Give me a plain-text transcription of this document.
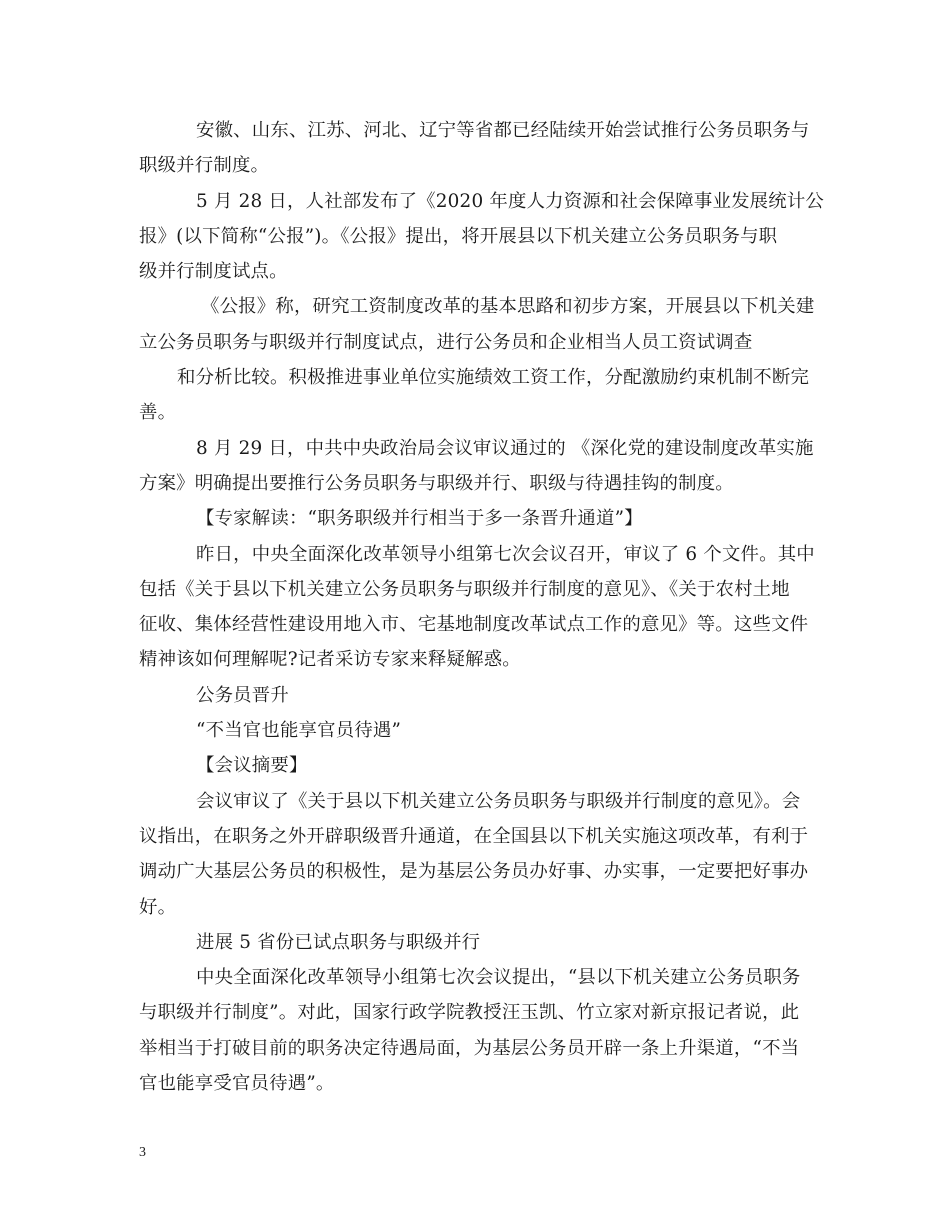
安徽、山东、江苏、河北、辽宁等省都已经陆续开始尝试推行公务员职务与
职级并行制度。

5 月 28 日，人社部发布了《2020 年度人力资源和社会保障事业发展统计公
报》(以下简称“公报”)。《公报》提出，将开展县以下机关建立公务员职务与职
级并行制度试点。

《公报》称，研究工资制度改革的基本思路和初步方案，开展县以下机关建
立公务员职务与职级并行制度试点，进行公务员和企业相当人员工资试调查
和分析比较。积极推进事业单位实施绩效工资工作，分配激励约束机制不断完
善。

8 月 29 日，中共中央政治局会议审议通过的 《深化党的建设制度改革实施
方案》明确提出要推行公务员职务与职级并行、职级与待遇挂钩的制度。

【专家解读：“职务职级并行相当于多一条晋升通道”】

昨日，中央全面深化改革领导小组第七次会议召开，审议了 6 个文件。其中
包括《关于县以下机关建立公务员职务与职级并行制度的意见》、《关于农村土地
征收、集体经营性建设用地入市、宅基地制度改革试点工作的意见》等。这些文件
精神该如何理解呢?记者采访专家来释疑解惑。

公务员晋升

“不当官也能享官员待遇”

【会议摘要】

会议审议了《关于县以下机关建立公务员职务与职级并行制度的意见》。会
议指出，在职务之外开辟职级晋升通道，在全国县以下机关实施这项改革，有利于
调动广大基层公务员的积极性，是为基层公务员办好事、办实事，一定要把好事办
好。

进展 5 省份已试点职务与职级并行

中央全面深化改革领导小组第七次会议提出，“县以下机关建立公务员职务
与职级并行制度”。对此，国家行政学院教授汪玉凯、竹立家对新京报记者说，此
举相当于打破目前的职务决定待遇局面，为基层公务员开辟一条上升渠道，“不当
官也能享受官员待遇”。

3
